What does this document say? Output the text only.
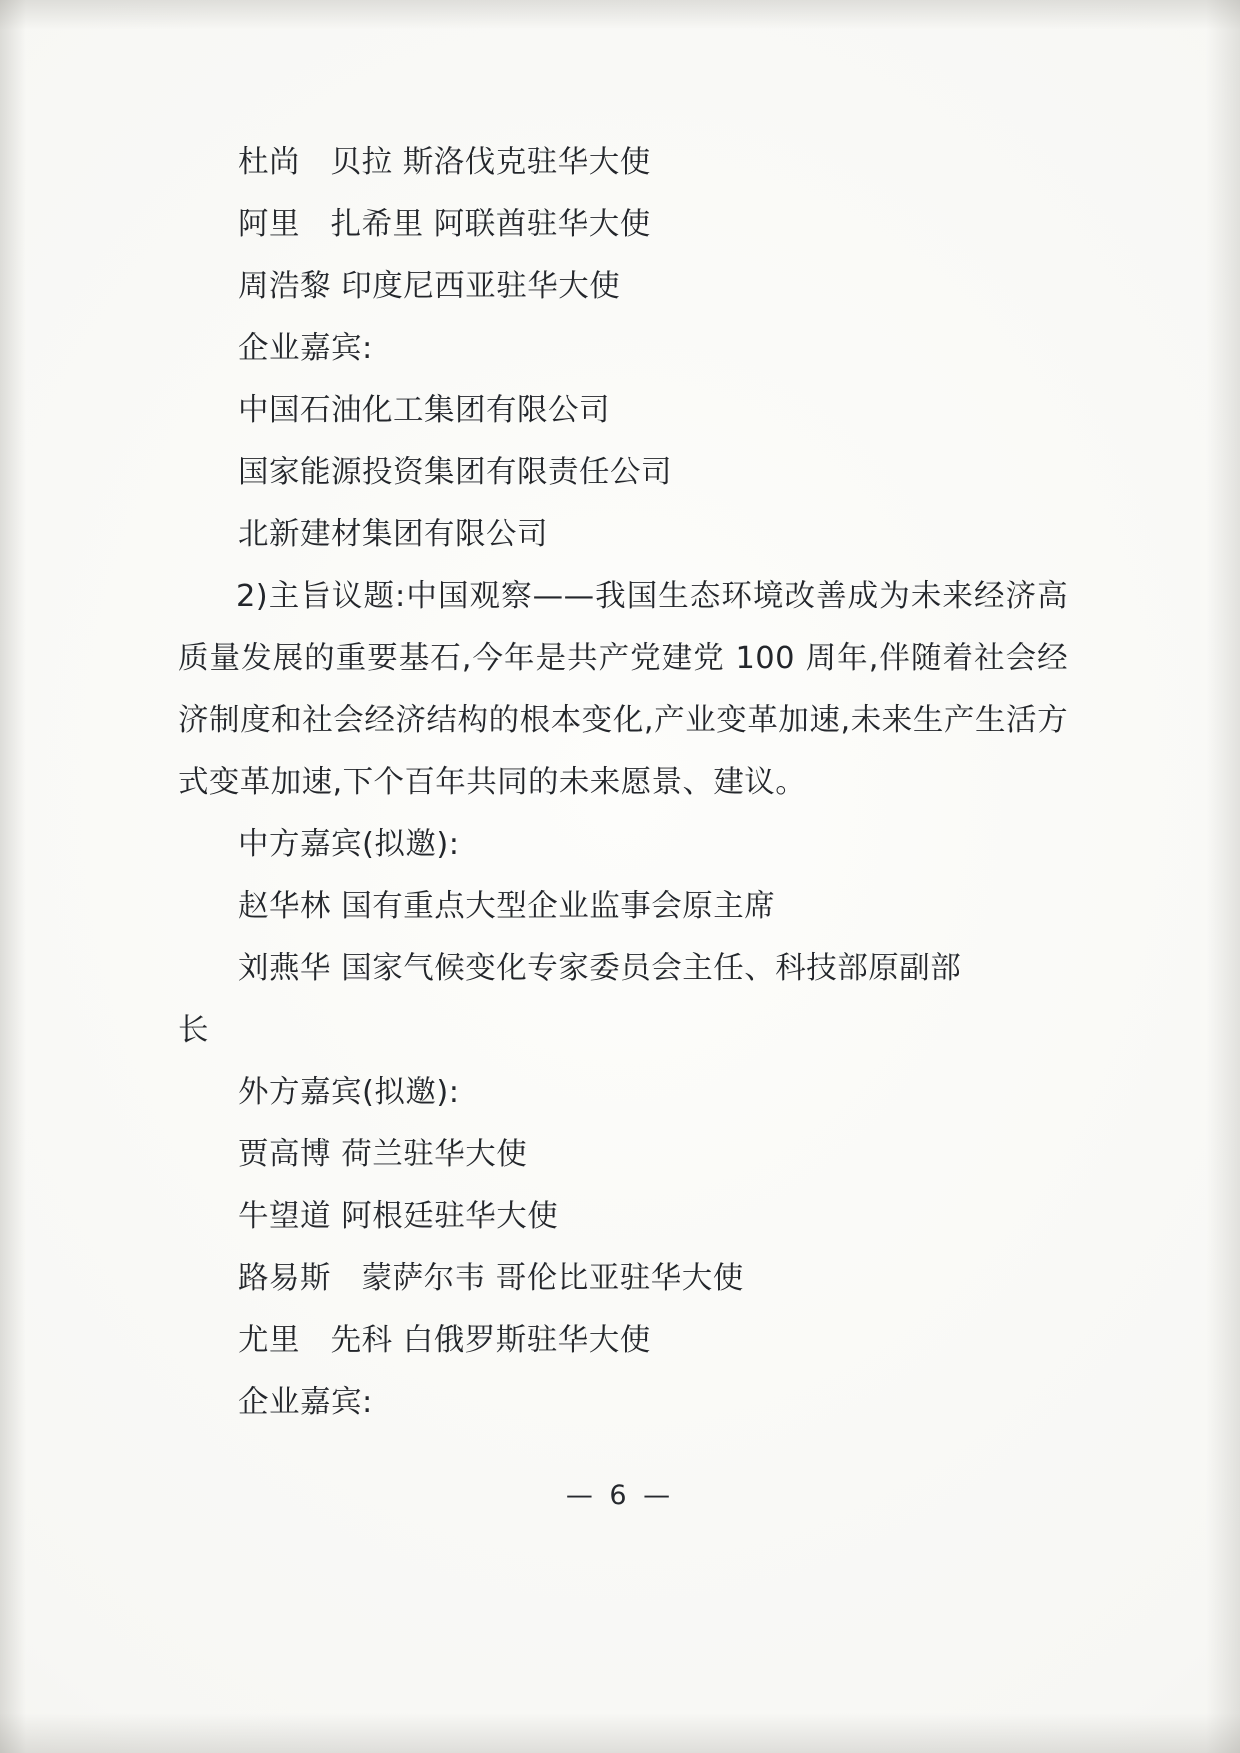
杜尚   贝拉 斯洛伐克驻华大使
阿里   扎希里 阿联酋驻华大使
周浩黎 印度尼西亚驻华大使
企业嘉宾:
中国石油化工集团有限公司
国家能源投资集团有限责任公司
北新建材集团有限公司
2)主旨议题:中国观察——我国生态环境改善成为未来经济高质量发展的重要基石,今年是共产党建党 100 周年,伴随着社会经济制度和社会经济结构的根本变化,产业变革加速,未来生产生活方式变革加速,下个百年共同的未来愿景、建议。
中方嘉宾(拟邀):
赵华林 国有重点大型企业监事会原主席
刘燕华 国家气候变化专家委员会主任、科技部原副部
长
外方嘉宾(拟邀):
贾高博 荷兰驻华大使
牛望道 阿根廷驻华大使
路易斯   蒙萨尔韦 哥伦比亚驻华大使
尤里   先科 白俄罗斯驻华大使
企业嘉宾:
— 6 —
